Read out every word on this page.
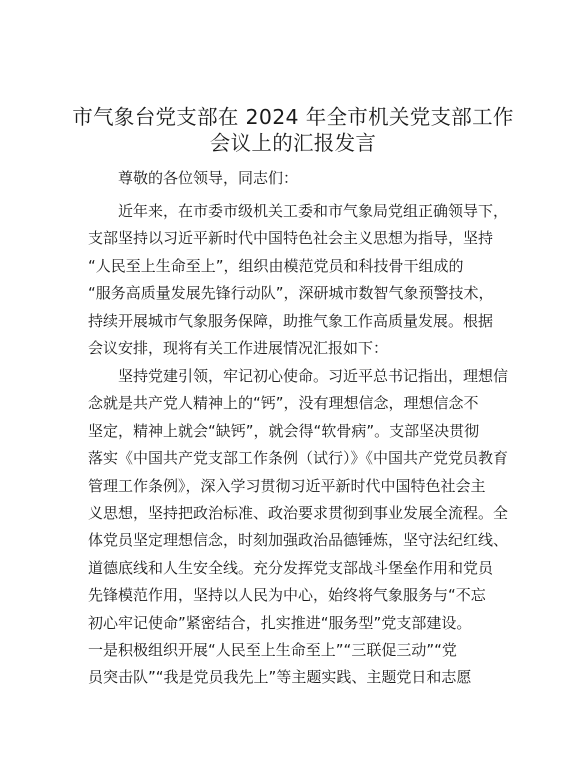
市气象台党支部在 2024 年全市机关党支部工作
会议上的汇报发言
尊敬的各位领导，同志们：
近年来，在市委市级机关工委和市气象局党组正确领导下，
支部坚持以习近平新时代中国特色社会主义思想为指导，坚持
“人民至上生命至上”，组织由模范党员和科技骨干组成的
“服务高质量发展先锋行动队”，深研城市数智气象预警技术，
持续开展城市气象服务保障，助推气象工作高质量发展。根据
会议安排，现将有关工作进展情况汇报如下：
坚持党建引领，牢记初心使命。习近平总书记指出，理想信
念就是共产党人精神上的“钙”，没有理想信念，理想信念不
坚定，精神上就会“缺钙”，就会得“软骨病”。支部坚决贯彻
落实《中国共产党支部工作条例（试行）》《中国共产党党员教育
管理工作条例》，深入学习贯彻习近平新时代中国特色社会主
义思想，坚持把政治标准、政治要求贯彻到事业发展全流程。全
体党员坚定理想信念，时刻加强政治品德锤炼，坚守法纪红线、
道德底线和人生安全线。充分发挥党支部战斗堡垒作用和党员
先锋模范作用，坚持以人民为中心，始终将气象服务与“不忘
初心牢记使命”紧密结合，扎实推进“服务型”党支部建设。
一是积极组织开展“人民至上生命至上”“三联促三动”“党
员突击队”“我是党员我先上”等主题实践、主题党日和志愿
